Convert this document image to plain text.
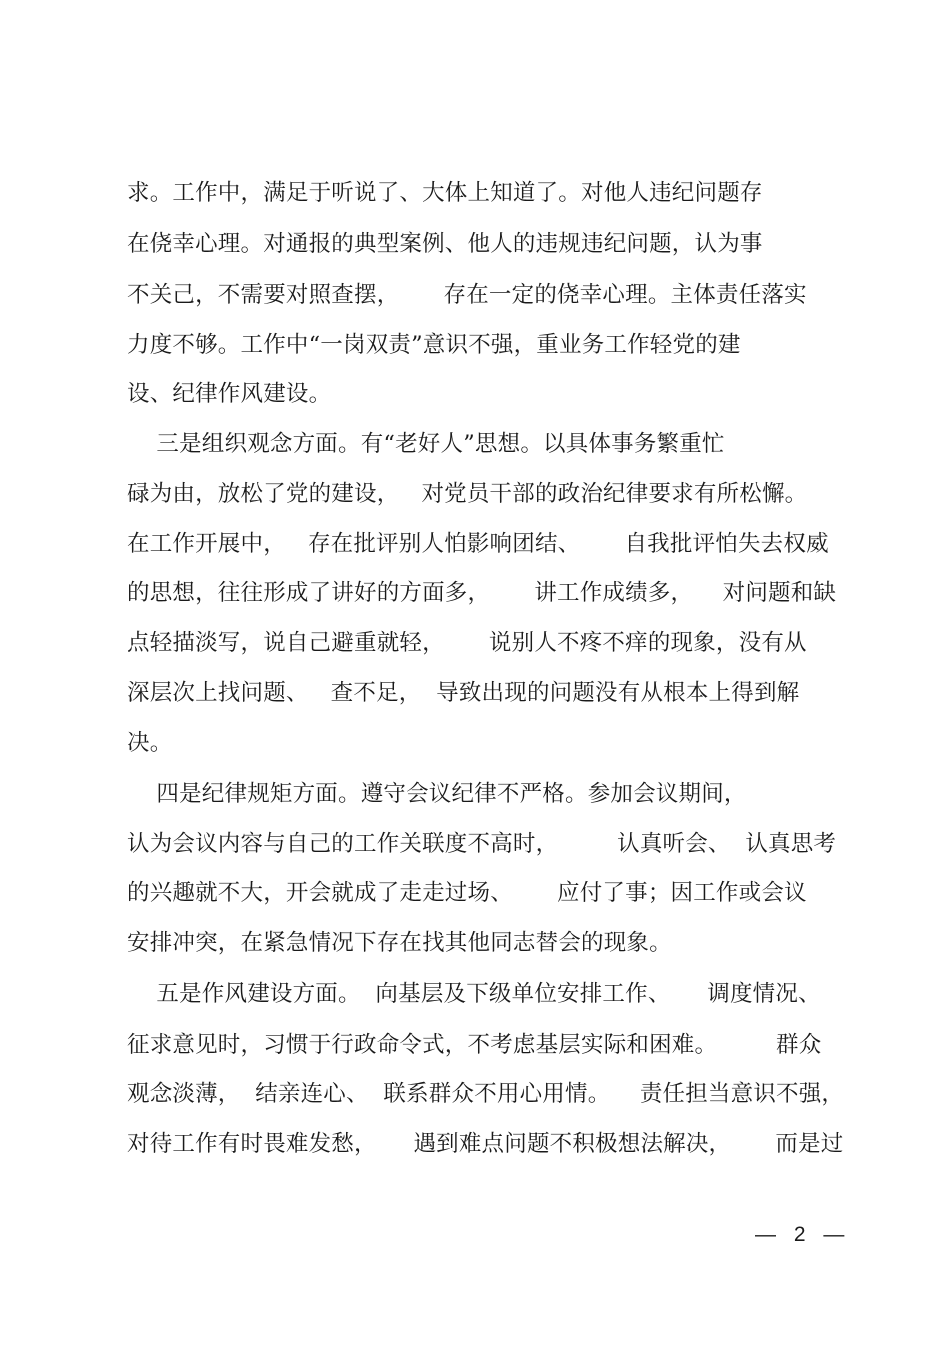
求。工作中，满足于听说了、大体上知道了。对他人违纪问题存
在侥幸心理。对通报的典型案例、他人的违规违纪问题，认为事
不关己，不需要对照查摆，      存在一定的侥幸心理。主体责任落实
力度不够。工作中“一岗双责”意识不强，重业务工作轻党的建
设、纪律作风建设。
三是组织观念方面。有“老好人”思想。以具体事务繁重忙
碌为由，放松了党的建设，   对党员干部的政治纪律要求有所松懈。
在工作开展中，   存在批评别人怕影响团结、      自我批评怕失去权威
的思想，往往形成了讲好的方面多，      讲工作成绩多，    对问题和缺
点轻描淡写，说自己避重就轻，      说别人不疼不痒的现象，没有从
深层次上找问题、   查不足，  导致出现的问题没有从根本上得到解
决。
四是纪律规矩方面。遵守会议纪律不严格。参加会议期间，
认为会议内容与自己的工作关联度不高时，        认真听会、  认真思考
的兴趣就不大，开会就成了走走过场、      应付了事；因工作或会议
安排冲突，在紧急情况下存在找其他同志替会的现象。
五是作风建设方面。  向基层及下级单位安排工作、     调度情况、
征求意见时，习惯于行政命令式，不考虑基层实际和困难。        群众
观念淡薄，  结亲连心、  联系群众不用心用情。    责任担当意识不强，
对待工作有时畏难发愁，     遇到难点问题不积极想法解决，      而是过
— 2 —
